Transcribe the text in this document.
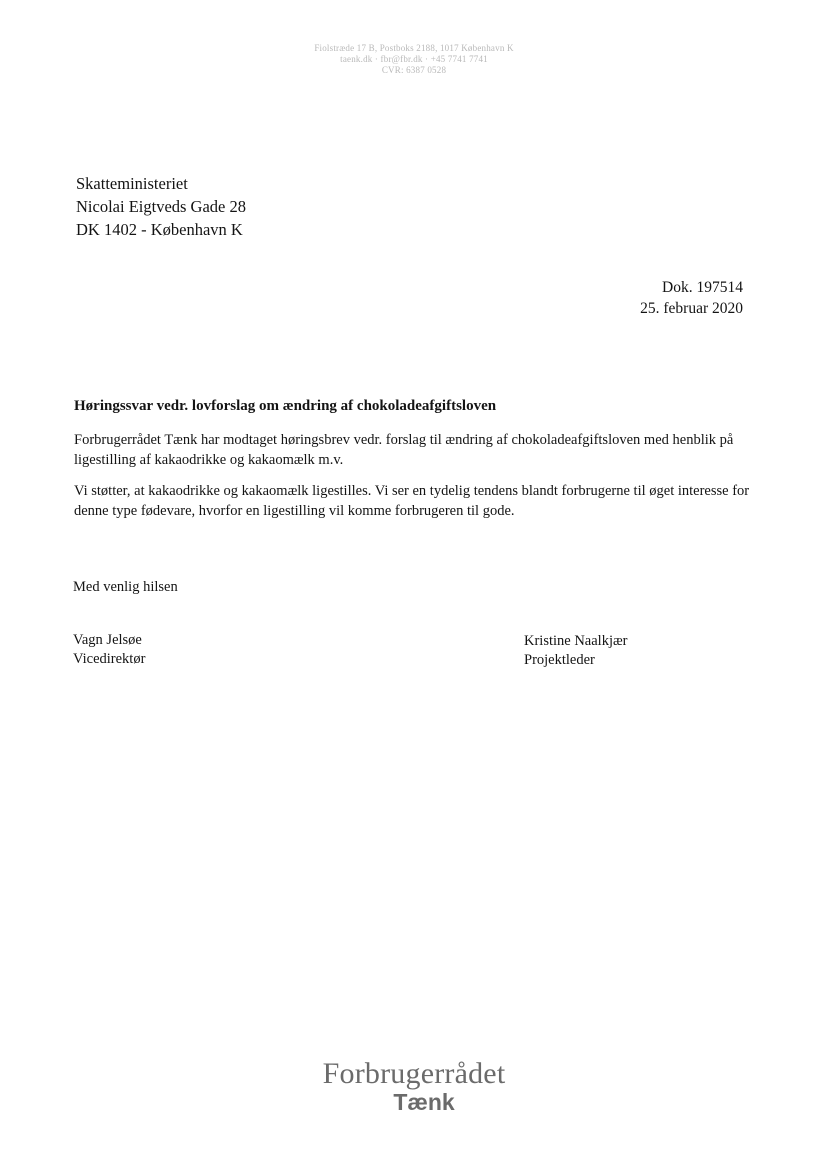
Fiolstræde 17 B, Postboks 2188, 1017 København K
taenk.dk · fbr@fbr.dk · +45 7741 7741
CVR: 6387 0528
Skatteministeriet
Nicolai Eigtveds Gade 28
DK 1402 - København K
Dok. 197514
25. februar 2020
Høringssvar vedr. lovforslag om ændring af chokoladeafgiftsloven

Forbrugerrådet Tænk har modtaget høringsbrev vedr. forslag til ændring af chokoladeafgiftsloven med henblik på ligestilling af kakaodrikke og kakaomælk m.v.

Vi støtter, at kakaodrikke og kakaomælk ligestilles. Vi ser en tydelig tendens blandt forbrugerne til øget interesse for denne type fødevare, hvorfor en ligestilling vil komme forbrugeren til gode.

Med venlig hilsen
Vagn Jelsøe
Vicedirektør
Kristine Naalkjær
Projektleder
Forbrugerrådet
Tænk
